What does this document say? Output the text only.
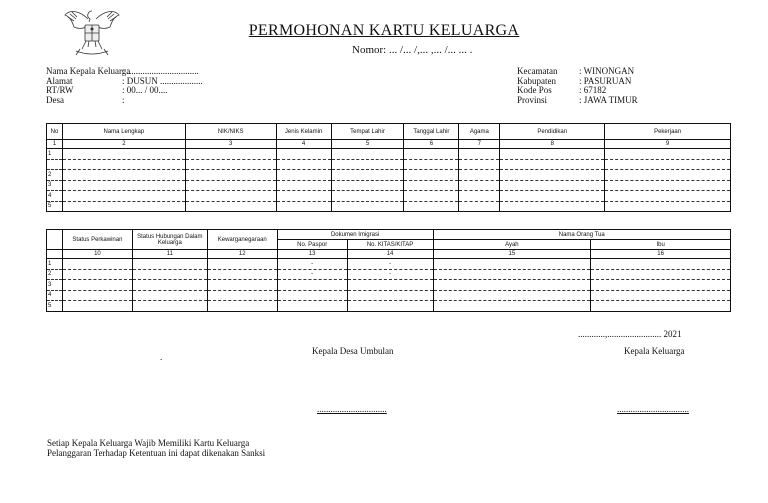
PERMOHONAN KARTU KELUARGA
Nomor: ... /... /,... ,... /... ... .
Nama Kepala Keluarga
: ................................
Alamat	: DUSUN ...................
RT/RW	: 00... / 00....
Desa	:
Kecamatan	: WINONGAN
Kabupaten	: PASURUAN
Kode Pos	: 67182
Provinsi	: JAWA TIMUR
No	Nama Lengkap	NIK/NIKS	Jenis Kelamin	Tempat Lahir	Tanggal Lahir	Agama	Pendidikan	Pekerjaan
1	2	3	4	5	6	7	8	9
1								

2								
3								
4								
5								
	Status Perkawinan	Status Hubungan Dalam Keluarga	Kewarganegaraan	Dokumen Imigrasi		Nama Orang Tua	
				No. Paspor	No. KITAS/KITAP	Ayah	Ibu
	10	11	12	13	14	15	16
1				-	-		
2				-	-		
3							
4							
5							
............,........................ 2021
.
Kepala Desa Umbulan	Kepala Keluarga
...............................	................................
Setiap Kepala Keluarga Wajib Memiliki Kartu Keluarga
Pelanggaran Terhadap Ketentuan ini dapat dikenakan Sanksi
